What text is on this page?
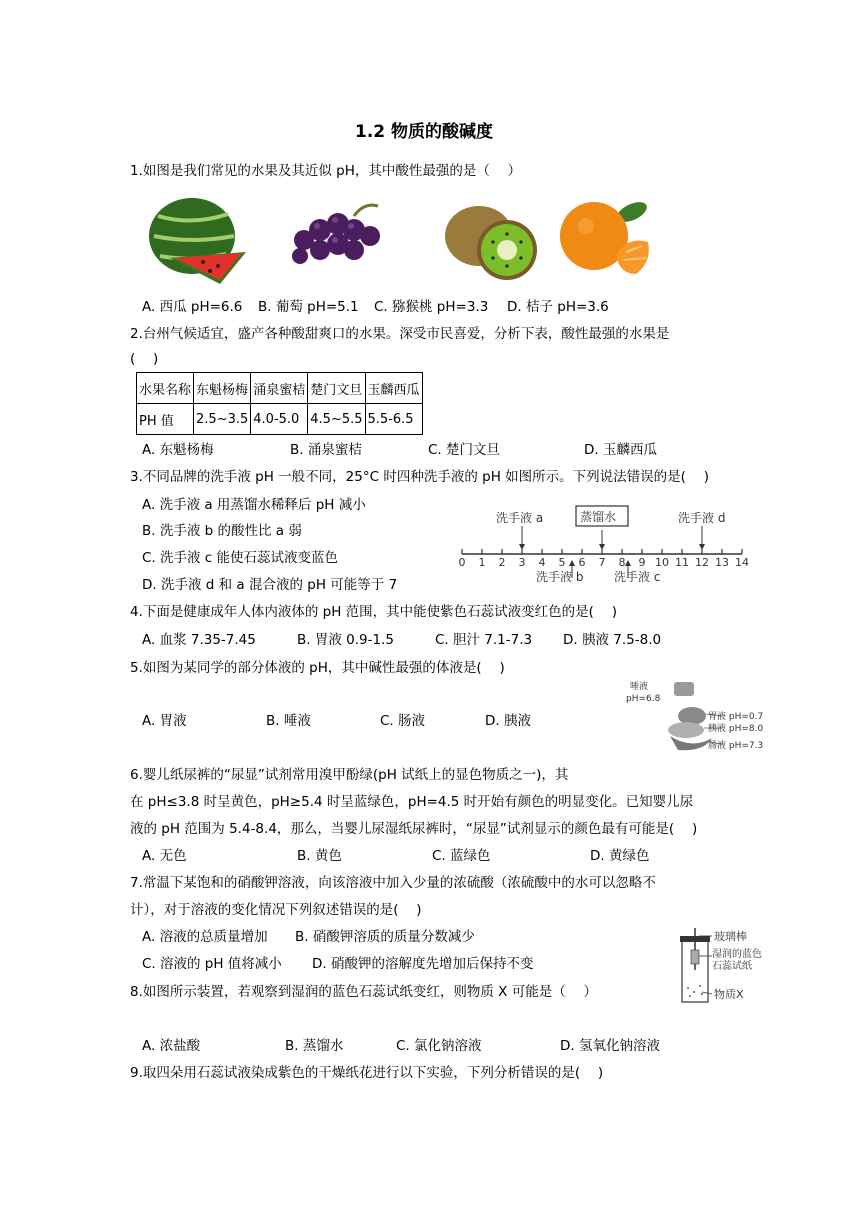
1.2 物质的酸碱度
1.如图是我们常见的水果及其近似 pH，其中酸性最强的是（　 ）
A. 西瓜 pH=6.6 B. 葡萄 pH=5.1 C. 猕猴桃 pH=3.3 D. 桔子 pH=3.6
2.台州气候适宜，盛产各种酸甜爽口的水果。深受市民喜爱，分析下表，酸性最强的水果是
(　 )
水果名称	东魁杨梅	涌泉蜜桔	楚门文旦	玉麟西瓜
PH 值	2.5~3.5	4.0-5.0	4.5~5.5	5.5-6.5
A. 东魁杨梅	B. 涌泉蜜桔	C. 楚门文旦	D. 玉麟西瓜
3.不同品牌的洗手液 pH 一般不同，25°C 时四种洗手液的 pH 如图所示。下列说法错误的是(　 )
A. 洗手液 a 用蒸馏水稀释后 pH 减小
B. 洗手液 b 的酸性比 a 弱
C. 洗手液 c 能使石蕊试液变蓝色
D. 洗手液 d 和 a 混合液的 pH 可能等于 7
0 1 2 3 4 5 6 7 8 9 10 11 12 13 14
洗手液 a	蒸馏水	洗手液 d
洗手液 b	洗手液 c
4.下面是健康成年人体内液体的 pH 范围，其中能使紫色石蕊试液变红色的是(　 )
A. 血浆 7.35-7.45	B. 胃液 0.9-1.5	C. 胆汁 7.1-7.3 D. 胰液 7.5-8.0
5.如图为某同学的部分体液的 pH，其中碱性最强的体液是(　 )
A. 胃液	B. 唾液	C. 肠液	D. 胰液
唾液
pH=6.8
胃液 pH=0.7
胰液 pH=8.0
肠液 pH=7.3
6.婴儿纸尿裤的“尿显”试剂常用溴甲酚绿(pH 试纸上的显色物质之一)，其
在 pH≤3.8 时呈黄色，pH≥5.4 时呈蓝绿色，pH=4.5 时开始有颜色的明显变化。已知婴儿尿
液的 pH 范围为 5.4-8.4，那么，当婴儿尿湿纸尿裤时，“尿显”试剂显示的颜色最有可能是(　 )
A. 无色	B. 黄色	C. 蓝绿色	D. 黄绿色
7.常温下某饱和的硝酸钾溶液，向该溶液中加入少量的浓硫酸（浓硫酸中的水可以忽略不
计），对于溶液的变化情况下列叙述错误的是(　 )
A. 溶液的总质量增加 B. 硝酸钾溶质的质量分数减少
C. 溶液的 pH 值将减小 D. 硝酸钾的溶解度先增加后保持不变
玻璃棒
湿润的蓝色
石蕊试纸
物质X
8.如图所示装置，若观察到湿润的蓝色石蕊试纸变红，则物质 X 可能是（　 ）
A. 浓盐酸	B. 蒸馏水	C. 氯化钠溶液	D. 氢氧化钠溶液
9.取四朵用石蕊试液染成紫色的干燥纸花进行以下实验，下列分析错误的是(　 )
